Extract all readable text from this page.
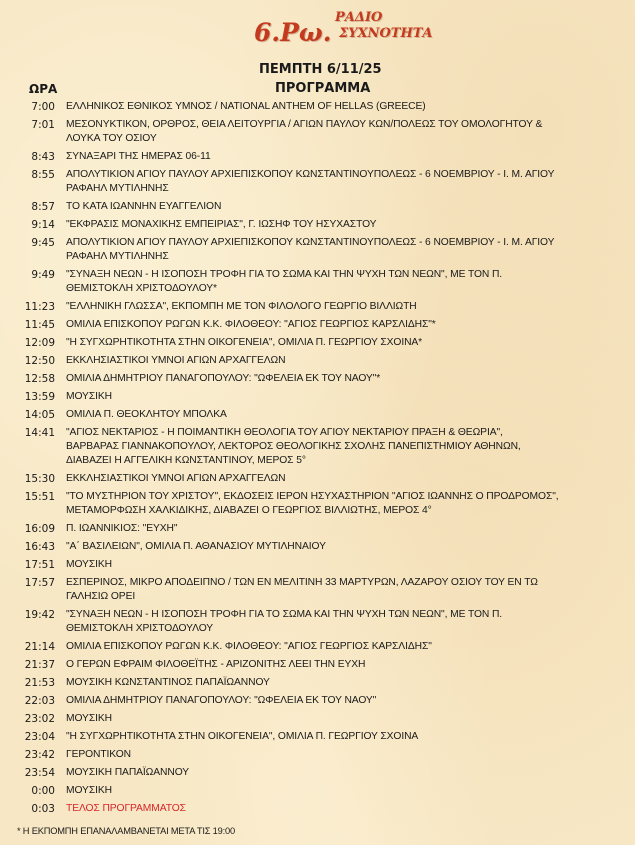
6.Ρω.
ΡΑΔΙΟ
ΣΥΧΝΟΤΗΤΑ
ΠΕΜΠΤΗ 6/11/25
ΩΡΑ	ΠΡΟΓΡΑΜΜΑ
7:00 ΕΛΛΗΝΙΚΟΣ ΕΘΝΙΚΟΣ ΥΜΝΟΣ / NATIONAL ANTHEM OF HELLAS (GREECE)
7:01 ΜΕΣΟΝΥΚΤΙΚΟΝ, ΟΡΘΡΟΣ, ΘΕΙΑ ΛΕΙΤΟΥΡΓΙΑ / ΑΓΙΩΝ ΠΑΥΛΟΥ ΚΩΝ/ΠΟΛΕΩΣ ΤΟΥ ΟΜΟΛΟΓΗΤΟΥ &
ΛΟΥΚΑ ΤΟΥ ΟΣΙΟΥ
8:43 ΣΥΝΑΞΑΡΙ ΤΗΣ ΗΜΕΡΑΣ 06-11
8:55 ΑΠΟΛΥΤΙΚΙΟΝ ΑΓΙΟΥ ΠΑΥΛΟΥ ΑΡΧΙΕΠΙΣΚΟΠΟΥ ΚΩΝΣΤΑΝΤΙΝΟΥΠΟΛΕΩΣ - 6 ΝΟΕΜΒΡΙΟΥ - Ι. Μ. ΑΓΙΟΥ
ΡΑΦΑΗΛ ΜΥΤΙΛΗΝΗΣ
8:57 ΤΟ ΚΑΤΑ ΙΩΑΝΝΗΝ ΕΥΑΓΓΕΛΙΟΝ
9:14 "ΕΚΦΡΑΣΙΣ ΜΟΝΑΧΙΚΗΣ ΕΜΠΕΙΡΙΑΣ", Γ. ΙΩΣΗΦ ΤΟΥ ΗΣΥΧΑΣΤΟΥ
9:45 ΑΠΟΛΥΤΙΚΙΟΝ ΑΓΙΟΥ ΠΑΥΛΟΥ ΑΡΧΙΕΠΙΣΚΟΠΟΥ ΚΩΝΣΤΑΝΤΙΝΟΥΠΟΛΕΩΣ - 6 ΝΟΕΜΒΡΙΟΥ - Ι. Μ. ΑΓΙΟΥ
ΡΑΦΑΗΛ ΜΥΤΙΛΗΝΗΣ
9:49 "ΣΥΝΑΞΗ ΝΕΩΝ - Η ΙΣΟΠΟΣΗ ΤΡΟΦΗ ΓΙΑ ΤΟ ΣΩΜΑ ΚΑΙ ΤΗΝ ΨΥΧΗ ΤΩΝ ΝΕΩΝ", ΜΕ ΤΟΝ Π.
ΘΕΜΙΣΤΟΚΛΗ ΧΡΙΣΤΟΔΟΥΛΟΥ*
11:23 "ΕΛΛΗΝΙΚΗ ΓΛΩΣΣΑ", ΕΚΠΟΜΠΗ ΜΕ ΤΟΝ ΦΙΛΟΛΟΓΟ ΓΕΩΡΓΙΟ ΒΙΛΛΙΩΤΗ
11:45 ΟΜΙΛΙΑ ΕΠΙΣΚΟΠΟΥ ΡΩΓΩΝ Κ.Κ. ΦΙΛΟΘΕΟΥ: "ΑΓΙΟΣ ΓΕΩΡΓΙΟΣ ΚΑΡΣΛΙΔΗΣ"*
12:09 "Η ΣΥΓΧΩΡΗΤΙΚΟΤΗΤΑ ΣΤΗΝ ΟΙΚΟΓΕΝΕΙΑ", ΟΜΙΛΙΑ Π. ΓΕΩΡΓΙΟΥ ΣΧΟΙΝΑ*
12:50 ΕΚΚΛΗΣΙΑΣΤΙΚΟΙ ΥΜΝΟΙ ΑΓΙΩΝ ΑΡΧΑΓΓΕΛΩΝ
12:58 ΟΜΙΛΙΑ ΔΗΜΗΤΡΙΟΥ ΠΑΝΑΓΟΠΟΥΛΟΥ: "ΩΦΕΛΕΙΑ ΕΚ ΤΟΥ ΝΑΟΥ"*
13:59 ΜΟΥΣΙΚΗ
14:05 ΟΜΙΛΙΑ Π. ΘΕΟΚΛΗΤΟΥ ΜΠΟΛΚΑ
14:41 "ΑΓΙΟΣ ΝΕΚΤΑΡΙΟΣ - Η ΠΟΙΜΑΝΤΙΚΗ ΘΕΟΛΟΓΙΑ ΤΟΥ ΑΓΙΟΥ ΝΕΚΤΑΡΙΟΥ ΠΡΑΞΗ & ΘΕΩΡΙΑ",
ΒΑΡΒΑΡΑΣ ΓΙΑΝΝΑΚΟΠΟΥΛΟΥ, ΛΕΚΤΟΡΟΣ ΘΕΟΛΟΓΙΚΗΣ ΣΧΟΛΗΣ ΠΑΝΕΠΙΣΤΗΜΙΟΥ ΑΘΗΝΩΝ,
ΔΙΑΒΑΖΕΙ Η ΑΓΓΕΛΙΚΗ ΚΩΝΣΤΑΝΤΙΝΟΥ, ΜΕΡΟΣ 5°
15:30 ΕΚΚΛΗΣΙΑΣΤΙΚΟΙ ΥΜΝΟΙ ΑΓΙΩΝ ΑΡΧΑΓΓΕΛΩΝ
15:51 "ΤΟ ΜΥΣΤΗΡΙΟΝ ΤΟΥ ΧΡΙΣΤΟΥ", ΕΚΔΟΣΕΙΣ ΙΕΡΟΝ ΗΣΥΧΑΣΤΗΡΙΟΝ "ΑΓΙΟΣ ΙΩΑΝΝΗΣ Ο ΠΡΟΔΡΟΜΟΣ",
ΜΕΤΑΜΟΡΦΩΣΗ ΧΑΛΚΙΔΙΚΗΣ, ΔΙΑΒΑΖΕΙ Ο ΓΕΩΡΓΙΟΣ ΒΙΛΛΙΩΤΗΣ, ΜΕΡΟΣ 4°
16:09 Π. ΙΩΑΝΝΙΚΙΟΣ: "ΕΥΧΗ"
16:43 "Α΄ ΒΑΣΙΛΕΙΩΝ", ΟΜΙΛΙΑ Π. ΑΘΑΝΑΣΙΟΥ ΜΥΤΙΛΗΝΑΙΟΥ
17:51 ΜΟΥΣΙΚΗ
17:57 ΕΣΠΕΡΙΝΟΣ, ΜΙΚΡΟ ΑΠΟΔΕΙΠΝΟ / ΤΩΝ ΕΝ ΜΕΛΙΤΙΝΗ 33 ΜΑΡΤΥΡΩΝ, ΛΑΖΑΡΟΥ ΟΣΙΟΥ ΤΟΥ ΕΝ ΤΩ
ΓΑΛΗΣΙΩ ΟΡΕΙ
19:42 "ΣΥΝΑΞΗ ΝΕΩΝ - Η ΙΣΟΠΟΣΗ ΤΡΟΦΗ ΓΙΑ ΤΟ ΣΩΜΑ ΚΑΙ ΤΗΝ ΨΥΧΗ ΤΩΝ ΝΕΩΝ", ΜΕ ΤΟΝ Π.
ΘΕΜΙΣΤΟΚΛΗ ΧΡΙΣΤΟΔΟΥΛΟΥ
21:14 ΟΜΙΛΙΑ ΕΠΙΣΚΟΠΟΥ ΡΩΓΩΝ Κ.Κ. ΦΙΛΟΘΕΟΥ: "ΑΓΙΟΣ ΓΕΩΡΓΙΟΣ ΚΑΡΣΛΙΔΗΣ"
21:37 Ο ΓΕΡΩΝ ΕΦΡΑΙΜ ΦΙΛΟΘΕΪΤΗΣ - ΑΡΙΖΟΝΙΤΗΣ ΛΕΕΙ ΤΗΝ ΕΥΧΗ
21:53 ΜΟΥΣΙΚΗ ΚΩΝΣΤΑΝΤΙΝΟΣ ΠΑΠΑΪΩΑΝΝΟΥ
22:03 ΟΜΙΛΙΑ ΔΗΜΗΤΡΙΟΥ ΠΑΝΑΓΟΠΟΥΛΟΥ: "ΩΦΕΛΕΙΑ ΕΚ ΤΟΥ ΝΑΟΥ"
23:02 ΜΟΥΣΙΚΗ
23:04 "Η ΣΥΓΧΩΡΗΤΙΚΟΤΗΤΑ ΣΤΗΝ ΟΙΚΟΓΕΝΕΙΑ", ΟΜΙΛΙΑ Π. ΓΕΩΡΓΙΟΥ ΣΧΟΙΝΑ
23:42 ΓΕΡΟΝΤΙΚΟΝ
23:54 ΜΟΥΣΙΚΗ ΠΑΠΑΪΩΑΝΝΟΥ
0:00 ΜΟΥΣΙΚΗ
0:03 ΤΕΛΟΣ ΠΡΟΓΡΑΜΜΑΤΟΣ
* Η ΕΚΠΟΜΠΗ ΕΠΑΝΑΛΑΜΒΑΝΕΤΑΙ ΜΕΤΑ ΤΙΣ 19:00
